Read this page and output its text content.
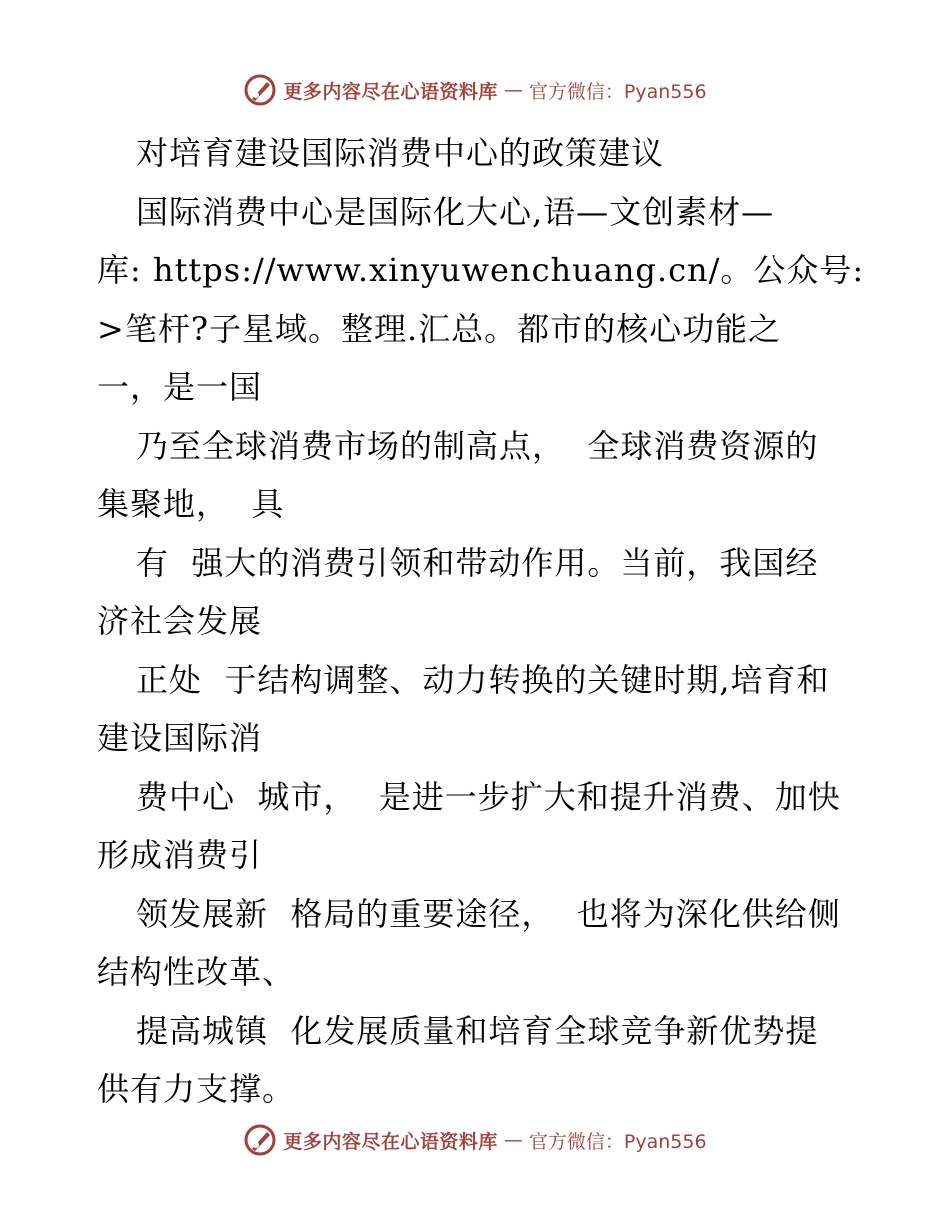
更多内容尽在心语资料库 — 官方微信：Pyan556
对培育建设国际消费中心的政策建议
国际消费中心是国际化大心,语—文创素材—
库: https://www.xinyuwenchuang.cn/。公众号:
>笔杆?子星域。整理.汇总。都市的核心功能之
一，是一国
乃至全球消费市场的制高点，  全球消费资源的
集聚地，  具
有  强大的消费引领和带动作用。当前，我国经
济社会发展
正处  于结构调整、动力转换的关键时期,培育和
建设国际消
费中心  城市，  是进一步扩大和提升消费、加快
形成消费引
领发展新  格局的重要途径，  也将为深化供给侧
结构性改革、
提高城镇  化发展质量和培育全球竞争新优势提
供有力支撑。
更多内容尽在心语资料库 — 官方微信：Pyan556
